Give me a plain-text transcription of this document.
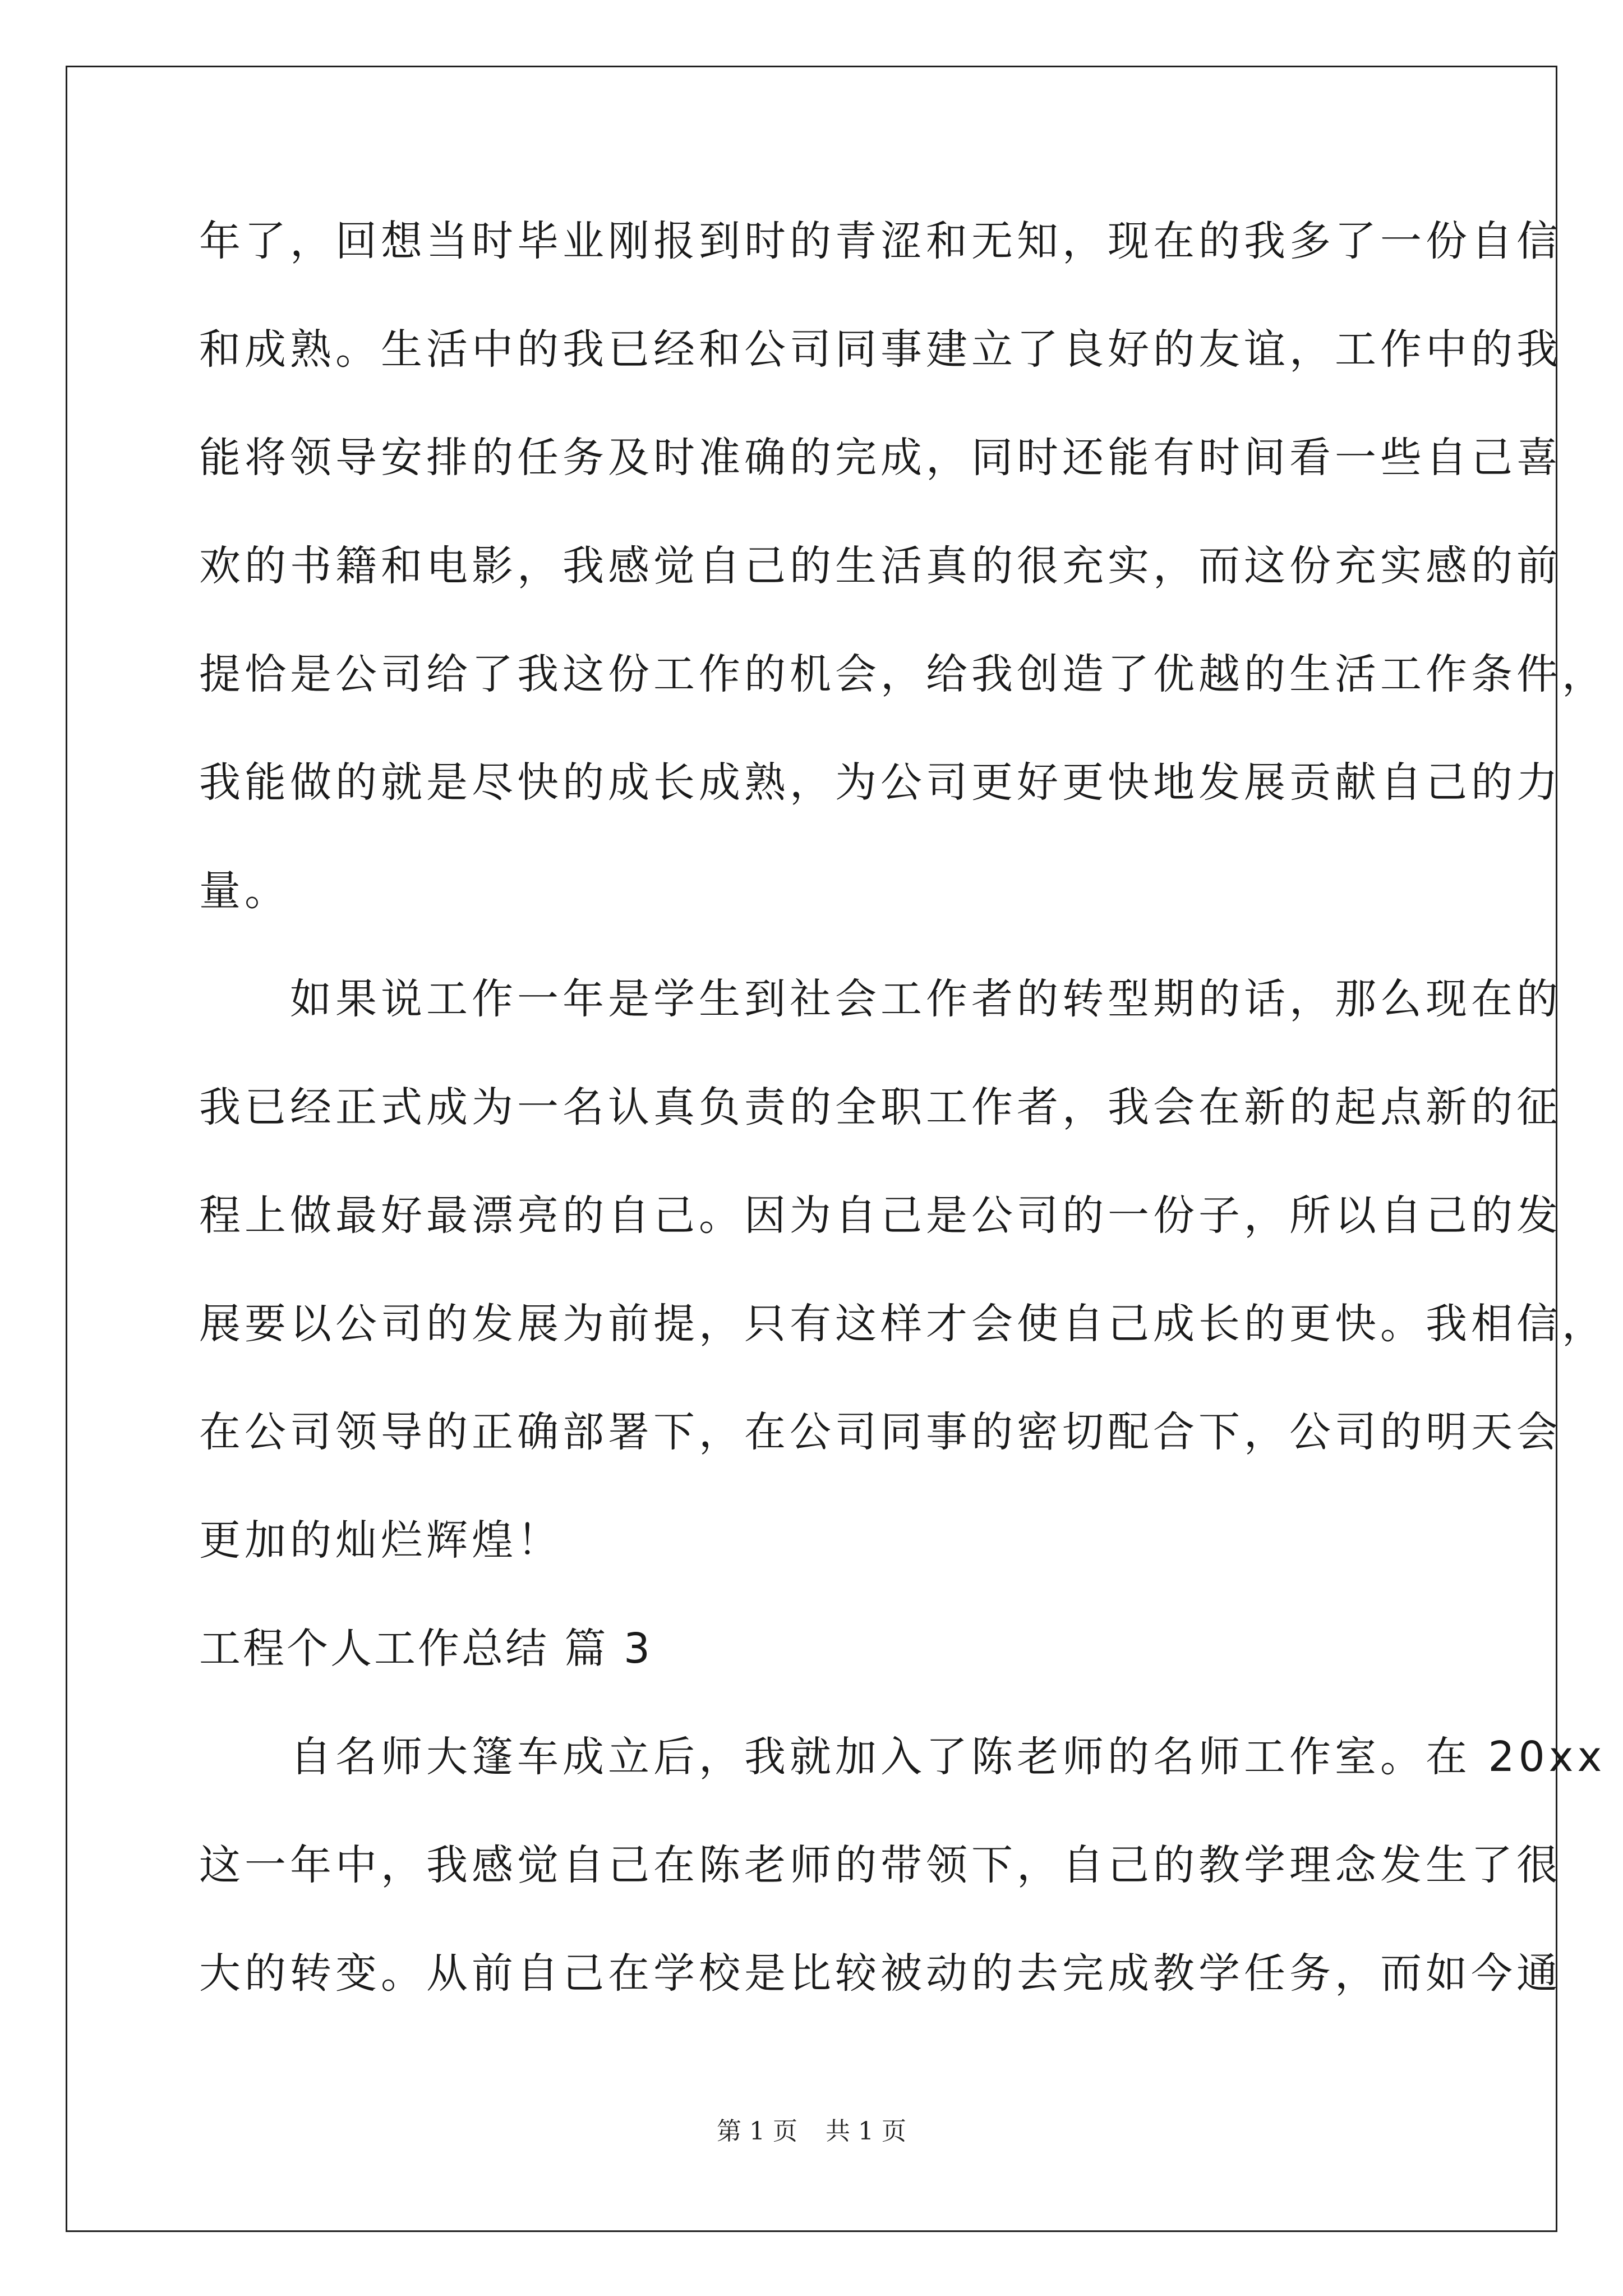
年了，回想当时毕业刚报到时的青涩和无知，现在的我多了一份自信
和成熟。生活中的我已经和公司同事建立了良好的友谊，工作中的我
能将领导安排的任务及时准确的完成，同时还能有时间看一些自己喜
欢的书籍和电影，我感觉自己的生活真的很充实，而这份充实感的前
提恰是公司给了我这份工作的机会，给我创造了优越的生活工作条件，
我能做的就是尽快的成长成熟，为公司更好更快地发展贡献自己的力
量。
　　如果说工作一年是学生到社会工作者的转型期的话，那么现在的
我已经正式成为一名认真负责的全职工作者，我会在新的起点新的征
程上做最好最漂亮的自己。因为自己是公司的一份子，所以自己的发
展要以公司的发展为前提，只有这样才会使自己成长的更快。我相信，
在公司领导的正确部署下，在公司同事的密切配合下，公司的明天会
更加的灿烂辉煌！
工程个人工作总结 篇 3
　　自名师大篷车成立后，我就加入了陈老师的名师工作室。在 20xx
这一年中，我感觉自己在陈老师的带领下，自己的教学理念发生了很
大的转变。从前自己在学校是比较被动的去完成教学任务，而如今通
第 1 页 共 1 页
